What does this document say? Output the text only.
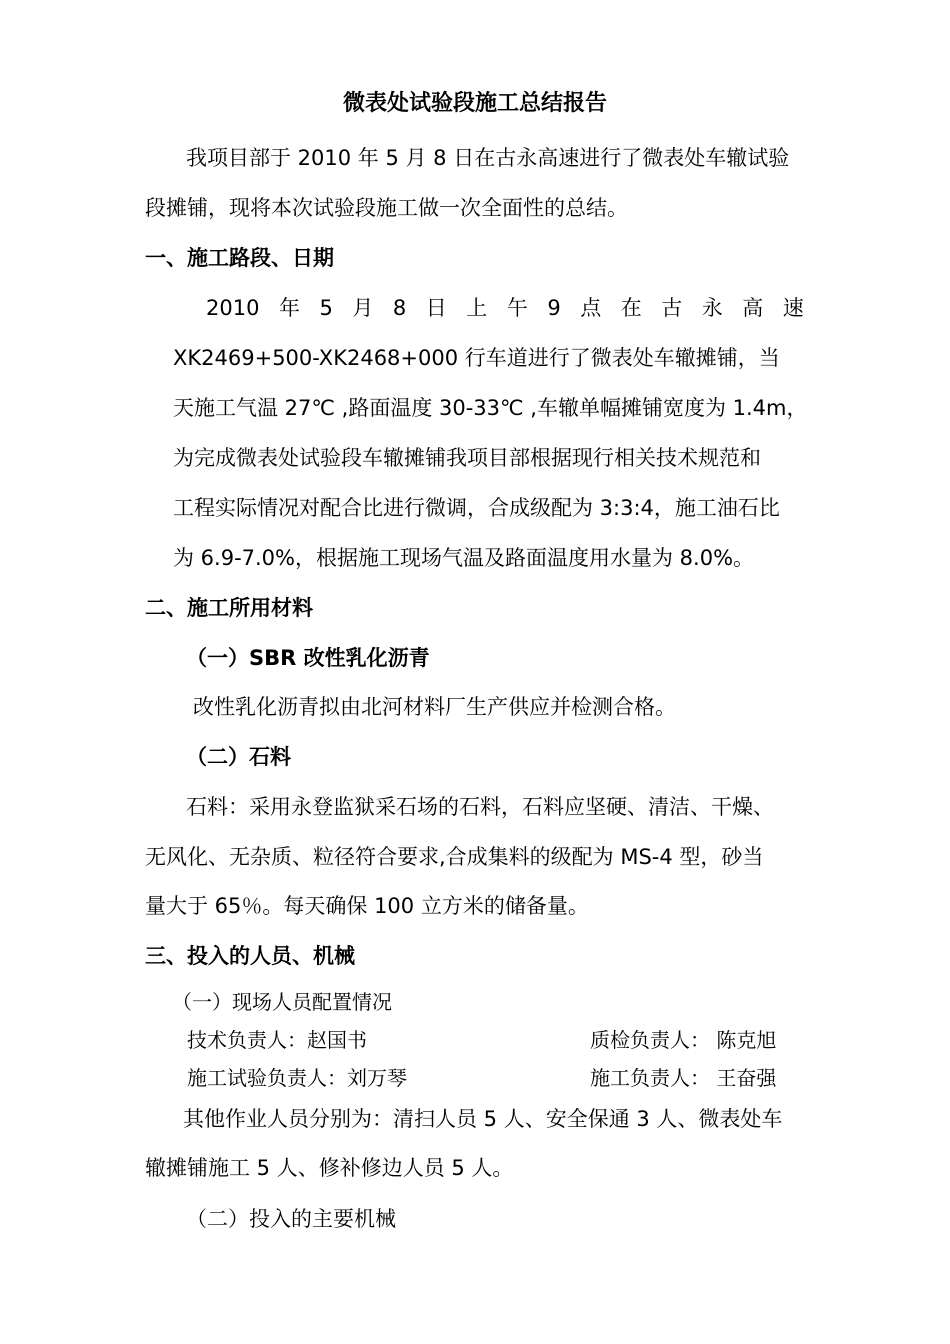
微表处试验段施工总结报告
我项目部于 2010 年 5 月 8 日在古永高速进行了微表处车辙试验
段摊铺，现将本次试验段施工做一次全面性的总结。
一、施工路段、日期
2010 年 5 月 8 日 上 午 9 点 在 古 永 高 速
XK2469+500-XK2468+000 行车道进行了微表处车辙摊铺，当
天施工气温 27℃ ,路面温度 30-33℃ ,车辙单幅摊铺宽度为 1.4m，
为完成微表处试验段车辙摊铺我项目部根据现行相关技术规范和
工程实际情况对配合比进行微调，合成级配为 3:3:4，施工油石比
为 6.9-7.0%，根据施工现场气温及路面温度用水量为 8.0%。
二、施工所用材料
（一）SBR 改性乳化沥青
改性乳化沥青拟由北河材料厂生产供应并检测合格。
（二）石料
石料：采用永登监狱采石场的石料，石料应坚硬、清洁、干燥、
无风化、无杂质、粒径符合要求,合成集料的级配为 MS-4 型，砂当
量大于 65％。每天确保 100 立方米的储备量。
三、投入的人员、机械
（一）现场人员配置情况
技术负责人：赵国书	质检负责人： 陈克旭
施工试验负责人：刘万琴	施工负责人： 王奋强
其他作业人员分别为：清扫人员 5 人、安全保通 3 人、微表处车
辙摊铺施工 5 人、修补修边人员 5 人。
（二）投入的主要机械
